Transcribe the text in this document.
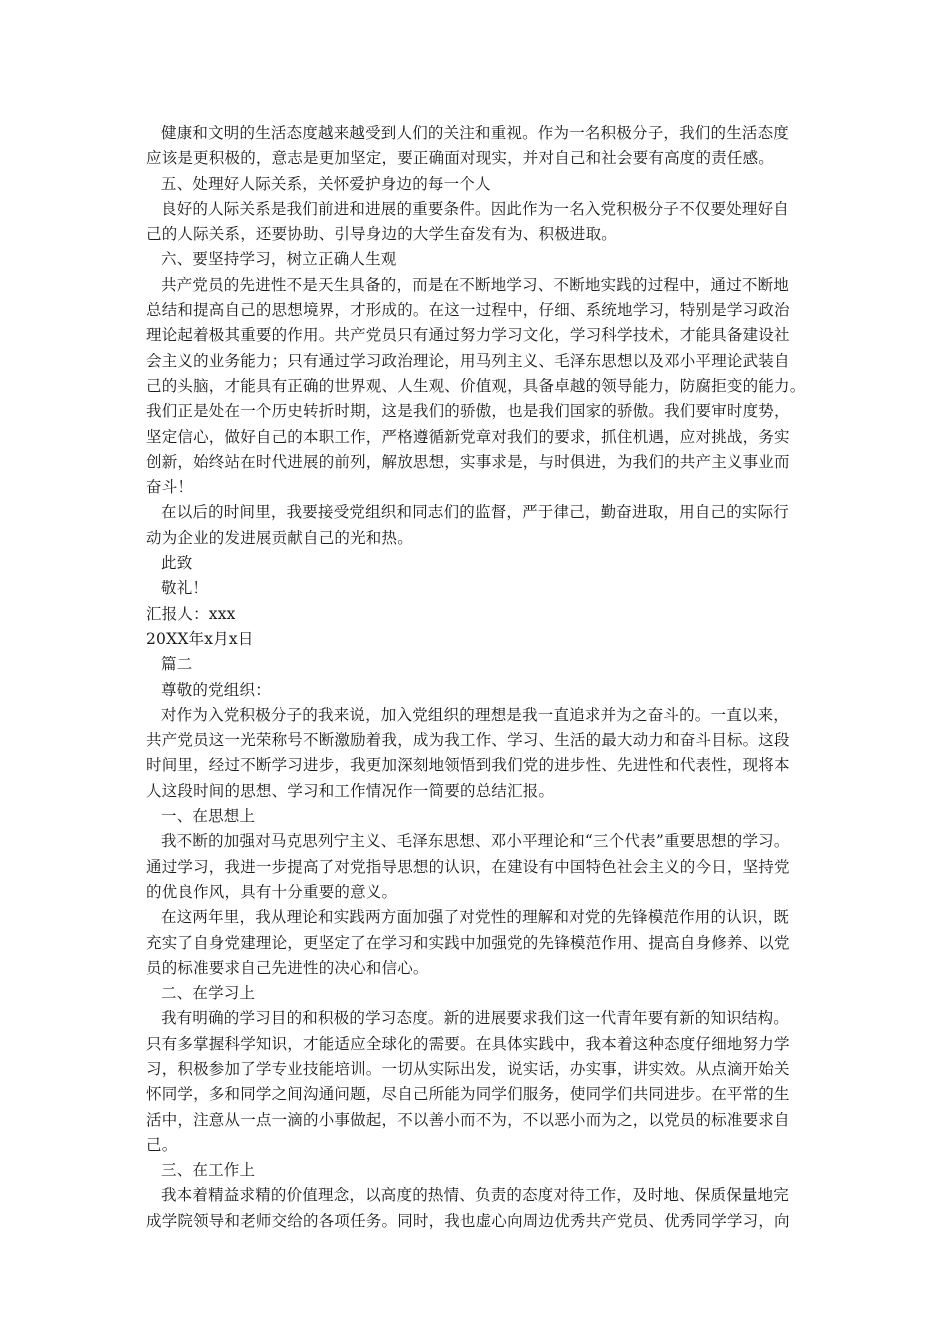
健康和文明的生活态度越来越受到人们的关注和重视。作为一名积极分子，我们的生活态度
应该是更积极的，意志是更加坚定，要正确面对现实，并对自己和社会要有高度的责任感。
五、处理好人际关系，关怀爱护身边的每一个人
良好的人际关系是我们前进和进展的重要条件。因此作为一名入党积极分子不仅要处理好自
己的人际关系，还要协助、引导身边的大学生奋发有为、积极进取。
六、要坚持学习，树立正确人生观
共产党员的先进性不是天生具备的，而是在不断地学习、不断地实践的过程中，通过不断地
总结和提高自己的思想境界，才形成的。在这一过程中，仔细、系统地学习，特别是学习政治
理论起着极其重要的作用。共产党员只有通过努力学习文化，学习科学技术，才能具备建设社
会主义的业务能力；只有通过学习政治理论，用马列主义、毛泽东思想以及邓小平理论武装自
己的头脑，才能具有正确的世界观、人生观、价值观，具备卓越的领导能力，防腐拒变的能力。
我们正是处在一个历史转折时期，这是我们的骄傲，也是我们国家的骄傲。我们要审时度势，
坚定信心，做好自己的本职工作，严格遵循新党章对我们的要求，抓住机遇，应对挑战，务实
创新，始终站在时代进展的前列，解放思想，实事求是，与时俱进，为我们的共产主义事业而
奋斗！
在以后的时间里，我要接受党组织和同志们的监督，严于律己，勤奋进取，用自己的实际行
动为企业的发进展贡献自己的光和热。
此致
敬礼！
汇报人：xxx
20XX年x月x日
篇二
尊敬的党组织：
对作为入党积极分子的我来说，加入党组织的理想是我一直追求并为之奋斗的。一直以来，
共产党员这一光荣称号不断激励着我，成为我工作、学习、生活的最大动力和奋斗目标。这段
时间里，经过不断学习进步，我更加深刻地领悟到我们党的进步性、先进性和代表性，现将本
人这段时间的思想、学习和工作情况作一简要的总结汇报。
一、在思想上
我不断的加强对马克思列宁主义、毛泽东思想、邓小平理论和“三个代表”重要思想的学习。
通过学习，我进一步提高了对党指导思想的认识，在建设有中国特色社会主义的今日，坚持党
的优良作风，具有十分重要的意义。
在这两年里，我从理论和实践两方面加强了对党性的理解和对党的先锋模范作用的认识，既
充实了自身党建理论，更坚定了在学习和实践中加强党的先锋模范作用、提高自身修养、以党
员的标准要求自己先进性的决心和信心。
二、在学习上
我有明确的学习目的和积极的学习态度。新的进展要求我们这一代青年要有新的知识结构。
只有多掌握科学知识，才能适应全球化的需要。在具体实践中，我本着这种态度仔细地努力学
习，积极参加了学专业技能培训。一切从实际出发，说实话，办实事，讲实效。从点滴开始关
怀同学，多和同学之间沟通问题，尽自己所能为同学们服务，使同学们共同进步。在平常的生
活中，注意从一点一滴的小事做起，不以善小而不为，不以恶小而为之，以党员的标准要求自
己。
三、在工作上
我本着精益求精的价值理念，以高度的热情、负责的态度对待工作，及时地、保质保量地完
成学院领导和老师交给的各项任务。同时，我也虚心向周边优秀共产党员、优秀同学学习，向
